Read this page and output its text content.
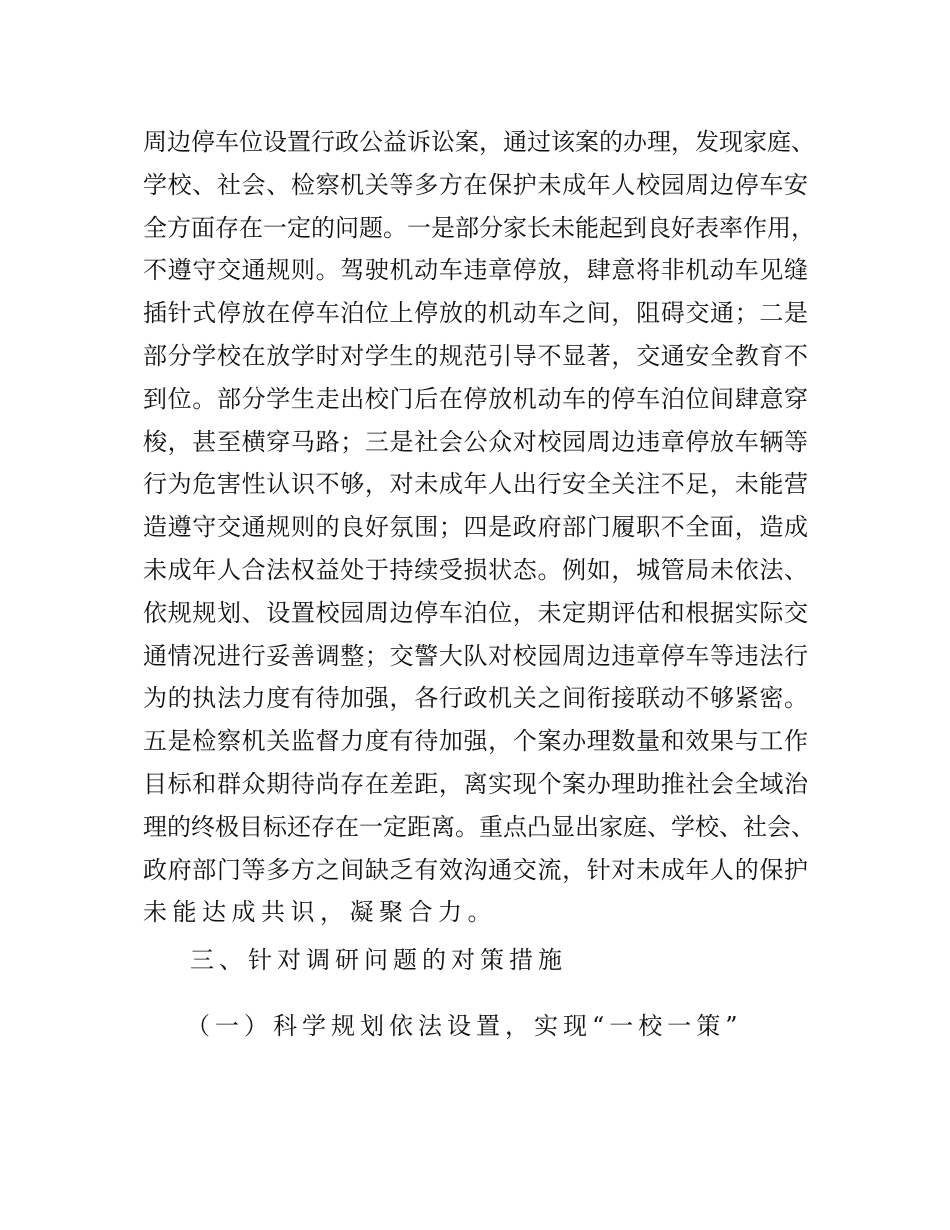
周边停车位设置行政公益诉讼案，通过该案的办理，发现家庭、
学校、社会、检察机关等多方在保护未成年人校园周边停车安
全方面存在一定的问题。一是部分家长未能起到良好表率作用，
不遵守交通规则。驾驶机动车违章停放，肆意将非机动车见缝
插针式停放在停车泊位上停放的机动车之间，阻碍交通；二是
部分学校在放学时对学生的规范引导不显著，交通安全教育不
到位。部分学生走出校门后在停放机动车的停车泊位间肆意穿
梭，甚至横穿马路；三是社会公众对校园周边违章停放车辆等
行为危害性认识不够，对未成年人出行安全关注不足，未能营
造遵守交通规则的良好氛围；四是政府部门履职不全面，造成
未成年人合法权益处于持续受损状态。例如，城管局未依法、
依规规划、设置校园周边停车泊位，未定期评估和根据实际交
通情况进行妥善调整；交警大队对校园周边违章停车等违法行
为的执法力度有待加强，各行政机关之间衔接联动不够紧密。
五是检察机关监督力度有待加强，个案办理数量和效果与工作
目标和群众期待尚存在差距，离实现个案办理助推社会全域治
理的终极目标还存在一定距离。重点凸显出家庭、学校、社会、
政府部门等多方之间缺乏有效沟通交流，针对未成年人的保护
未能达成共识，凝聚合力。
三、针对调研问题的对策措施
（一）科学规划依法设置，实现“一校一策”
